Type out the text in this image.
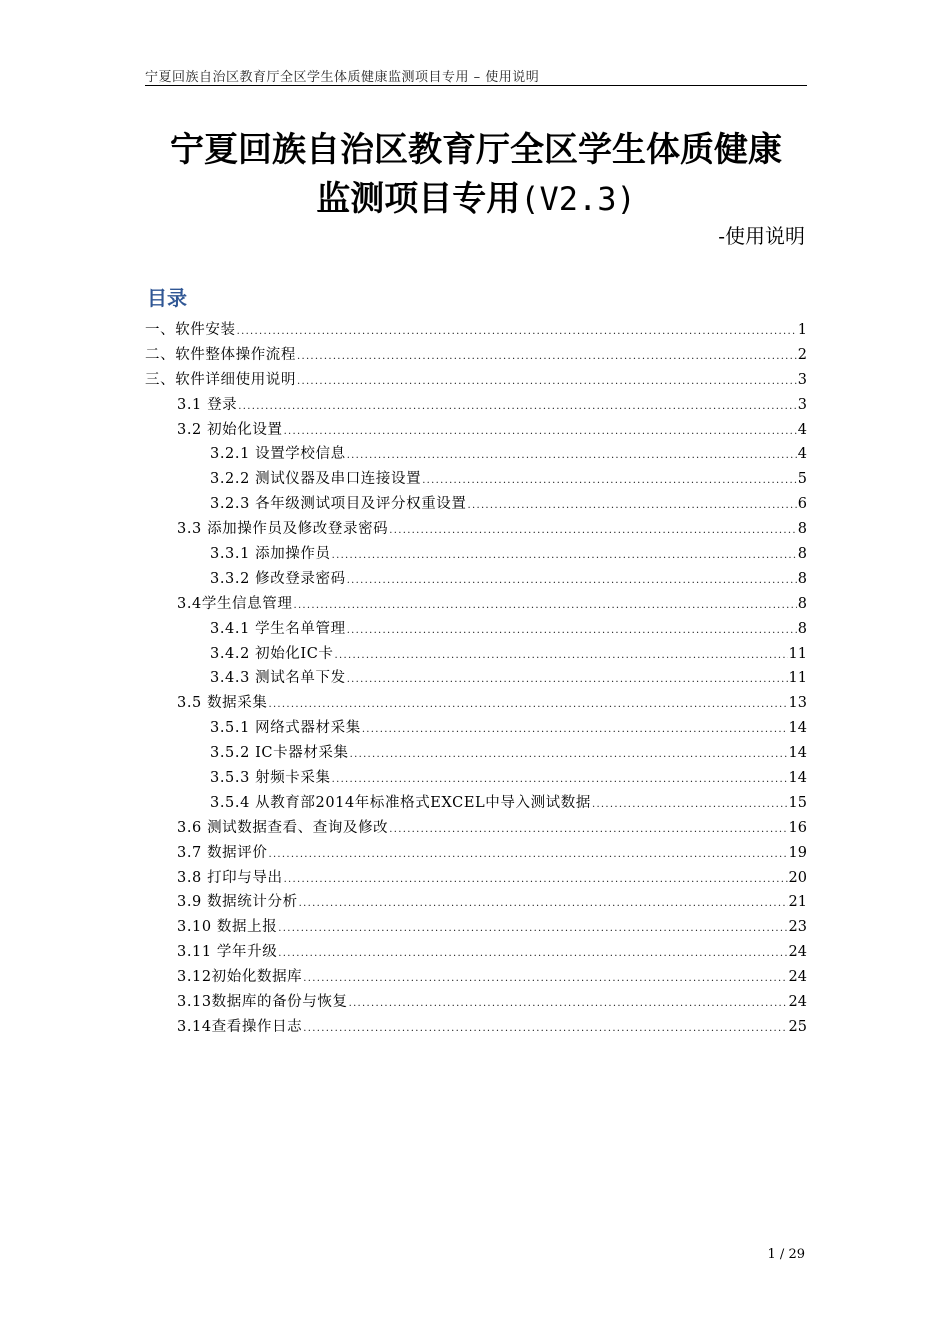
宁夏回族自治区教育厅全区学生体质健康监测项目专用 – 使用说明
宁夏回族自治区教育厅全区学生体质健康
监测项目专用(V2.3)
-使用说明
目录
一、软件安装 .....	1
二、软件整体操作流程 .....	2
三、软件详细使用说明 .....	3
3.1 登录 .....	3
3.2 初始化设置 .....	4
3.2.1 设置学校信息 .....	4
3.2.2 测试仪器及串口连接设置 .....	5
3.2.3 各年级测试项目及评分权重设置 .....	6
3.3 添加操作员及修改登录密码 .....	8
3.3.1 添加操作员 .....	8
3.3.2 修改登录密码 .....	8
3.4学生信息管理 .....	8
3.4.1 学生名单管理 .....	8
3.4.2 初始化IC卡 .....	11
3.4.3 测试名单下发 .....	11
3.5 数据采集 .....	13
3.5.1 网络式器材采集 .....	14
3.5.2 IC卡器材采集 .....	14
3.5.3 射频卡采集 .....	14
3.5.4 从教育部2014年标准格式EXCEL中导入测试数据 .....	15
3.6 测试数据查看、查询及修改 .....	16
3.7 数据评价 .....	19
3.8 打印与导出 .....	20
3.9 数据统计分析 .....	21
3.10 数据上报 .....	23
3.11 学年升级 .....	24
3.12初始化数据库 .....	24
3.13数据库的备份与恢复 .....	24
3.14查看操作日志 .....	25
1 / 29
